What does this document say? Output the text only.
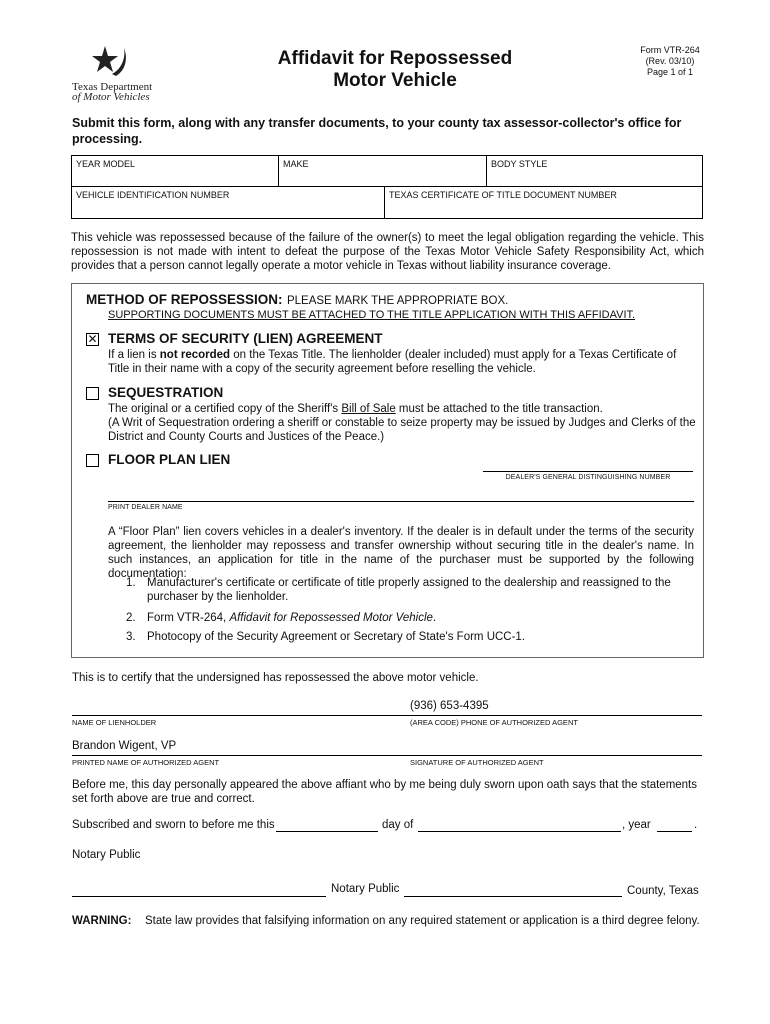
Texas Department
of Motor Vehicles
Affidavit for Repossessed
Motor Vehicle
Form VTR-264
(Rev. 03/10)
Page 1 of 1
Submit this form, along with any transfer documents, to your county tax assessor-collector's office for processing.
YEAR MODEL	MAKE	BODY STYLE
VEHICLE IDENTIFICATION NUMBER	TEXAS CERTIFICATE OF TITLE DOCUMENT NUMBER
This vehicle was repossessed because of the failure of the owner(s) to meet the legal obligation regarding the vehicle. This repossession is not made with intent to defeat the purpose of the Texas Motor Vehicle Safety Responsibility Act, which provides that a person cannot legally operate a motor vehicle in Texas without liability insurance coverage.
METHOD OF REPOSSESSION: PLEASE MARK THE APPROPRIATE BOX.
SUPPORTING DOCUMENTS MUST BE ATTACHED TO THE TITLE APPLICATION WITH THIS AFFIDAVIT.
✕ TERMS OF SECURITY (LIEN) AGREEMENT
If a lien is not recorded on the Texas Title. The lienholder (dealer included) must apply for a Texas Certificate of Title in their name with a copy of the security agreement before reselling the vehicle.
SEQUESTRATION
The original or a certified copy of the Sheriff's Bill of Sale must be attached to the title transaction.
(A Writ of Sequestration ordering a sheriff or constable to seize property may be issued by Judges and Clerks of the District and County Courts and Justices of the Peace.)
FLOOR PLAN LIEN
DEALER'S GENERAL DISTINGUISHING NUMBER
PRINT DEALER NAME
A “Floor Plan” lien covers vehicles in a dealer's inventory. If the dealer is in default under the terms of the security agreement, the lienholder may repossess and transfer ownership without securing title in the dealer's name. In such instances, an application for title in the name of the purchaser must be supported by the following documentation:
1. Manufacturer's certificate or certificate of title properly assigned to the dealership and reassigned to the purchaser by the lienholder.
2. Form VTR-264, Affidavit for Repossessed Motor Vehicle.
3. Photocopy of the Security Agreement or Secretary of State's Form UCC-1.
This is to certify that the undersigned has repossessed the above motor vehicle.
(936) 653-4395
NAME OF LIENHOLDER	(AREA CODE) PHONE OF AUTHORIZED AGENT
Brandon Wigent, VP
PRINTED NAME OF AUTHORIZED AGENT	SIGNATURE OF AUTHORIZED AGENT
Before me, this day personally appeared the above affiant who by me being duly sworn upon oath says that the statements set forth above are true and correct.
Subscribed and sworn to before me this	day of	, year	.
Notary Public
Notary Public	County, Texas
WARNING: State law provides that falsifying information on any required statement or application is a third degree felony.
